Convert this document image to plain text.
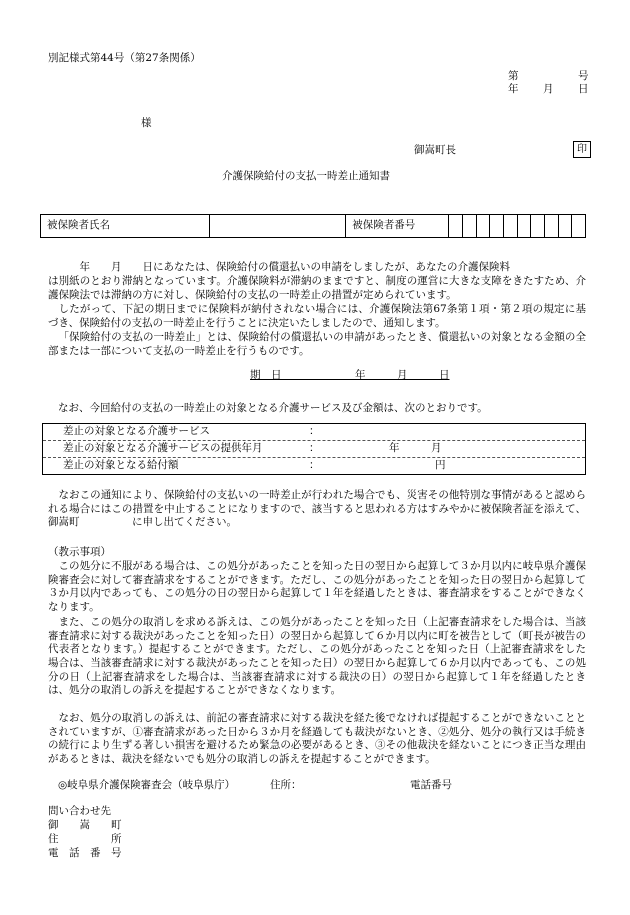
別記様式第44号（第27条関係）
第	号
年 月 日
様
御嵩町長	印
介護保険給付の支払一時差止通知書
被保険者氏名		被保険者番号										
　　　年　　月　　日にあなたは、保険給付の償還払いの申請をしましたが、あなたの介護保険料
は別紙のとおり滞納となっています。介護保険料が滞納のままですと、制度の運営に大きな支障をきたすため、介護保険法では滞納の方に対し、保険給付の支払の一時差止の措置が定められています。
したがって、下記の期日までに保険料が納付されない場合には、介護保険法第67条第１項・第２項の規定に基づき、保険給付の支払の一時差止を行うことに決定いたしましたので、通知します。
「保険給付の支払の一時差止」とは、保険給付の償還払いの申請があったとき、償還払いの対象となる金額の全部または一部について支払の一時差止を行うものです。
期　日　　　　　　　年　　　月　　　日
なお、今回給付の支払の一時差止の対象となる介護サービス及び金額は、次のとおりです。
差止の対象となる介護サービス	：
差止の対象となる介護サービスの提供年月	：	年　　　月
差止の対象となる給付額	：	円
なおこの通知により、保険給付の支払いの一時差止が行われた場合でも、災害その他特別な事情があると認められる場合にはこの措置を中止することになりますので、該当すると思われる方はすみやかに被保険者証を添えて、御嵩町　　　　　に申し出てください。
（教示事項）
この処分に不服がある場合は、この処分があったことを知った日の翌日から起算して３か月以内に岐阜県介護保険審査会に対して審査請求をすることができます。ただし、この処分があったことを知った日の翌日から起算して３か月以内であっても、この処分の日の翌日から起算して１年を経過したときは、審査請求をすることができなくなります。
また、この処分の取消しを求める訴えは、この処分があったことを知った日（上記審査請求をした場合は、当該審査請求に対する裁決があったことを知った日）の翌日から起算して６か月以内に町を被告として（町長が被告の代表者となります。）提起することができます。ただし、この処分があったことを知った日（上記審査請求をした場合は、当該審査請求に対する裁決があったことを知った日）の翌日から起算して６か月以内であっても、この処分の日（上記審査請求をした場合は、当該審査請求に対する裁決の日）の翌日から起算して１年を経過したときは、処分の取消しの訴えを提起することができなくなります。
なお、処分の取消しの訴えは、前記の審査請求に対する裁決を経た後でなければ提起することができないこととされていますが、①審査請求があった日から３か月を経過しても裁決がないとき、②処分、処分の執行又は手続きの続行により生ずる著しい損害を避けるため緊急の必要があるとき、③その他裁決を経ないことにつき正当な理由があるときは、裁決を経ないでも処分の取消しの訴えを提起することができます。
◎岐阜県介護保険審査会（岐阜県庁）	住所：	電話番号
問い合わせ先
御　　嵩　　町
住　　　　　所
電　話　番　号
